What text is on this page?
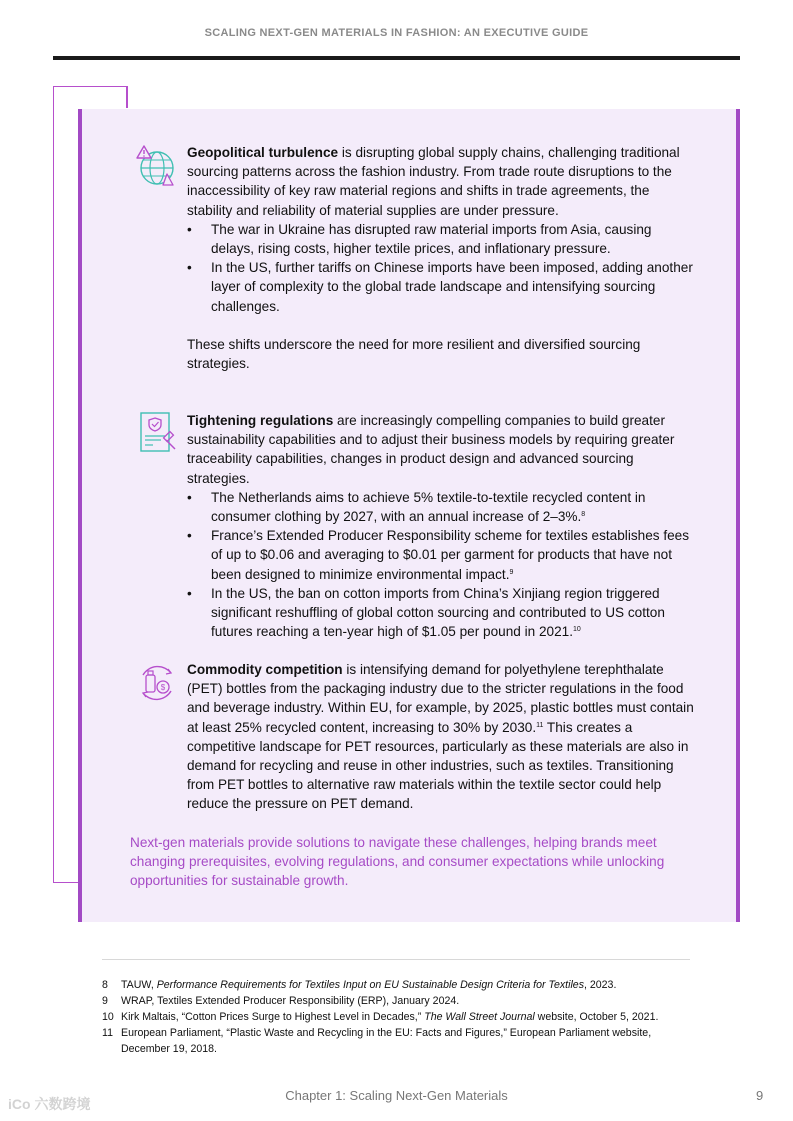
SCALING NEXT-GEN MATERIALS IN FASHION: AN EXECUTIVE GUIDE

Geopolitical turbulence is disrupting global supply chains, challenging traditional sourcing patterns across the fashion industry. From trade route disruptions to the inaccessibility of key raw material regions and shifts in trade agreements, the stability and reliability of material supplies are under pressure.

• The war in Ukraine has disrupted raw material imports from Asia, causing delays, rising costs, higher textile prices, and inflationary pressure.
• In the US, further tariffs on Chinese imports have been imposed, adding another layer of complexity to the global trade landscape and intensifying sourcing challenges.

These shifts underscore the need for more resilient and diversified sourcing strategies.

Tightening regulations are increasingly compelling companies to build greater sustainability capabilities and to adjust their business models by requiring greater traceability capabilities, changes in product design and advanced sourcing strategies.

• The Netherlands aims to achieve 5% textile-to-textile recycled content in consumer clothing by 2027, with an annual increase of 2–3%.$^8$
• France’s Extended Producer Responsibility scheme for textiles establishes fees of up to $0.06 and averaging to $0.01 per garment for products that have not been designed to minimize environmental impact.$^9$
• In the US, the ban on cotton imports from China’s Xinjiang region triggered significant reshuffling of global cotton sourcing and contributed to US cotton futures reaching a ten-year high of $1.05 per pound in 2021.10
$

Commodity competition is intensifying demand for polyethylene terephthalate (PET) bottles from the packaging industry due to the stricter regulations in the food and beverage industry. Within EU, for example, by 2025, plastic bottles must contain at least 25% recycled content, increasing to 30% by 2030.11 This creates a competitive landscape for PET resources, particularly as these materials are also in demand for recycling and reuse in other industries, such as textiles. Transitioning from PET bottles to alternative raw materials within the textile sector could help reduce the pressure on PET demand.

Next-gen materials provide solutions to navigate these challenges, helping brands meet changing prerequisites, evolving regulations, and consumer expectations while unlocking opportunities for sustainable growth.
8	TAUW, Performance Requirements for Textiles Input on EU Sustainable Design Criteria for Textiles, 2023.
9	WRAP, Textiles Extended Producer Responsibility (ERP), January 2024.
10 Kirk Maltais, “Cotton Prices Surge to Highest Level in Decades,” The Wall Street Journal website, October 5, 2021.
11 European Parliament, “Plastic Waste and Recycling in the EU: Facts and Figures,” European Parliament website, December 19, 2018.
Chapter 1: Scaling Next-Gen Materials	9
iCo 六数跨境
